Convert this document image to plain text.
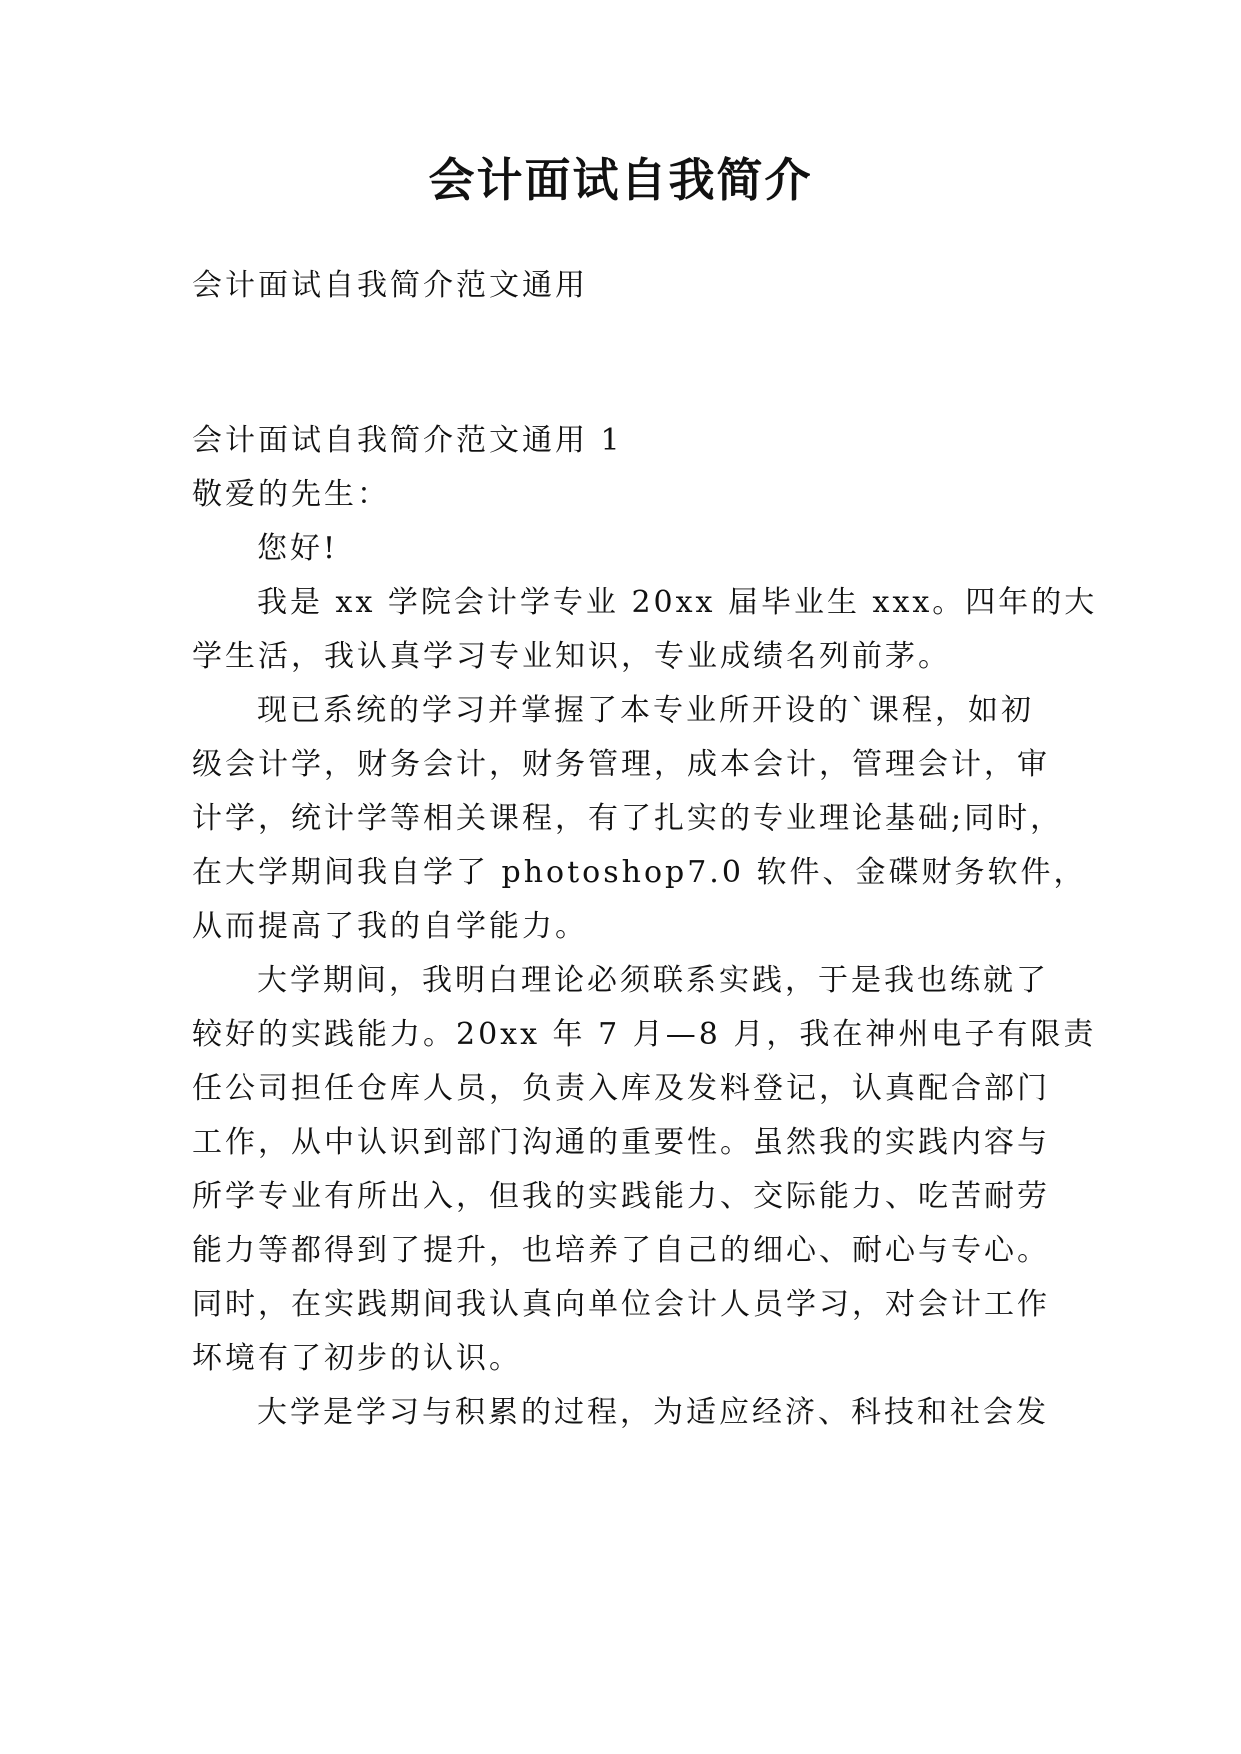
会计面试自我简介

会计面试自我简介范文通用

会计面试自我简介范文通用 1

敬爱的先生：

您好!

我是 xx 学院会计学专业 20xx 届毕业生 xxx。四年的大

学生活，我认真学习专业知识，专业成绩名列前茅。

现已系统的学习并掌握了本专业所开设的`课程，如初

级会计学，财务会计，财务管理，成本会计，管理会计，审

计学，统计学等相关课程，有了扎实的专业理论基础;同时，

在大学期间我自学了 photoshop7.0 软件、金碟财务软件，

从而提高了我的自学能力。

大学期间，我明白理论必须联系实践，于是我也练就了

较好的实践能力。20xx 年 7 月—8 月，我在神州电子有限责

任公司担任仓库人员，负责入库及发料登记，认真配合部门

工作，从中认识到部门沟通的重要性。虽然我的实践内容与

所学专业有所出入，但我的实践能力、交际能力、吃苦耐劳

能力等都得到了提升，也培养了自己的细心、耐心与专心。

同时，在实践期间我认真向单位会计人员学习，对会计工作

坏境有了初步的认识。

大学是学习与积累的过程，为适应经济、科技和社会发
